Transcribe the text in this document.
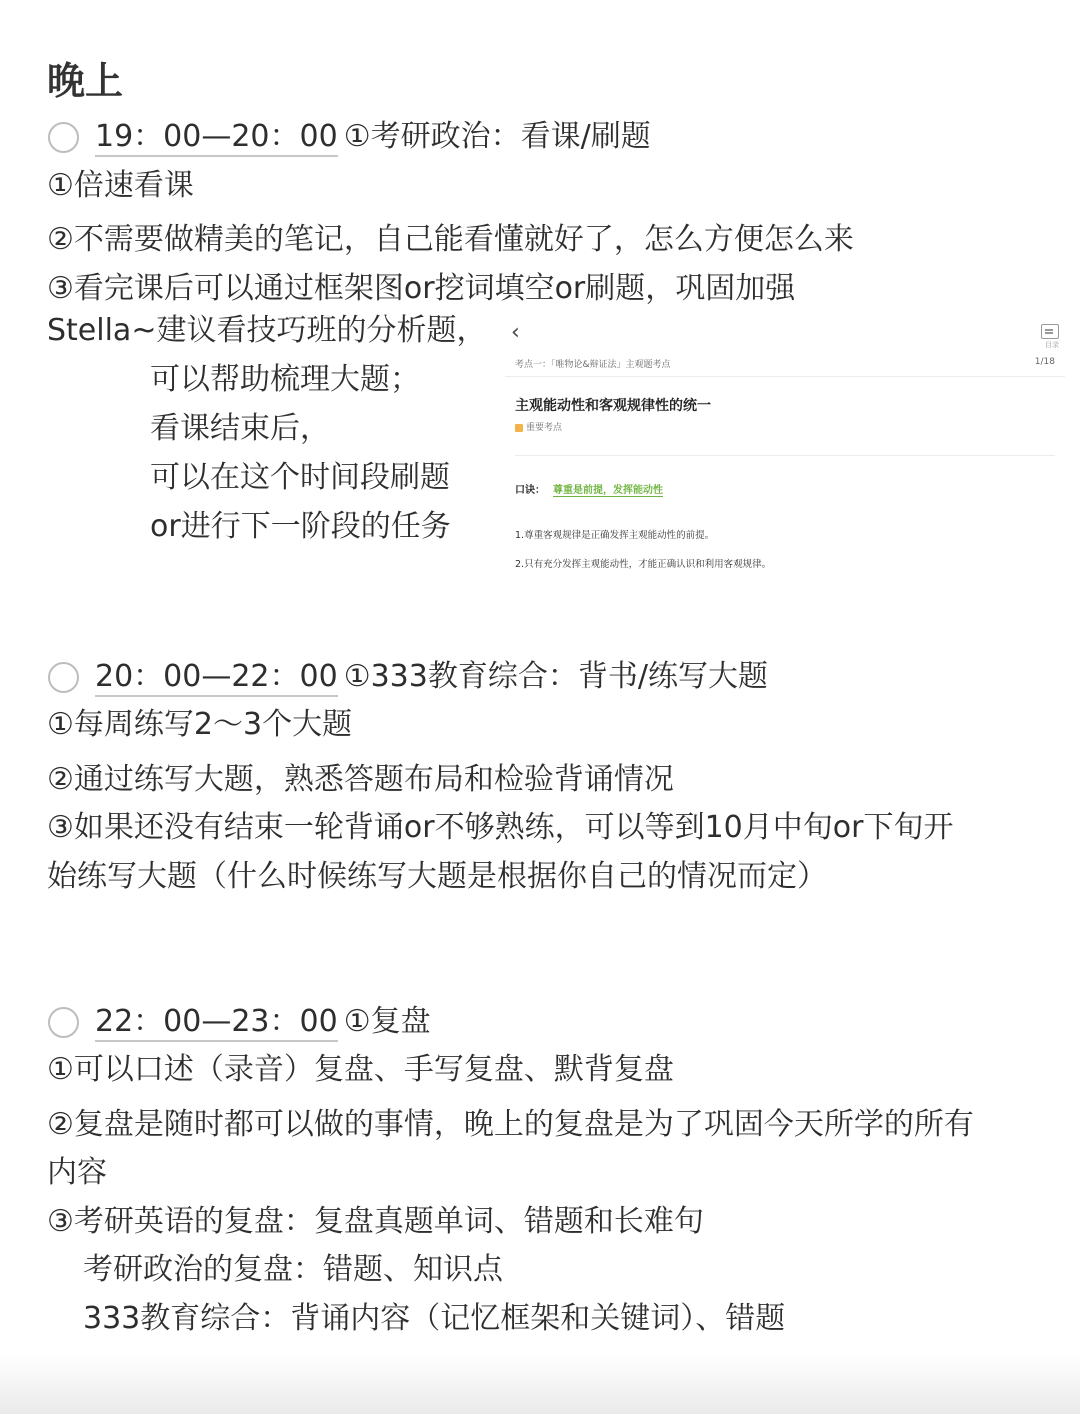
晚上
19：00—20：00 ①考研政治：看课/刷题
①倍速看课
②不需要做精美的笔记，自己能看懂就好了，怎么方便怎么来
③看完课后可以通过框架图or挖词填空or刷题，巩固加强
Stella~建议看技巧班的分析题，
可以帮助梳理大题；
看课结束后，
可以在这个时间段刷题
or进行下一阶段的任务
‹	目录
考点一：「唯物论&辩证法」主观题考点	1/18
主观能动性和客观规律性的统一
重要考点
口诀： 尊重是前提，发挥能动性
1.尊重客观规律是正确发挥主观能动性的前提。
2.只有充分发挥主观能动性，才能正确认识和利用客观规律。
20：00—22：00 ①333教育综合：背书/练写大题
①每周练写2～3个大题
②通过练写大题，熟悉答题布局和检验背诵情况
③如果还没有结束一轮背诵or不够熟练，可以等到10月中旬or下旬开
始练写大题（什么时候练写大题是根据你自己的情况而定）
22：00—23：00 ①复盘
①可以口述（录音）复盘、手写复盘、默背复盘
②复盘是随时都可以做的事情，晚上的复盘是为了巩固今天所学的所有
内容
③考研英语的复盘：复盘真题单词、错题和长难句
考研政治的复盘：错题、知识点
333教育综合：背诵内容（记忆框架和关键词）、错题
